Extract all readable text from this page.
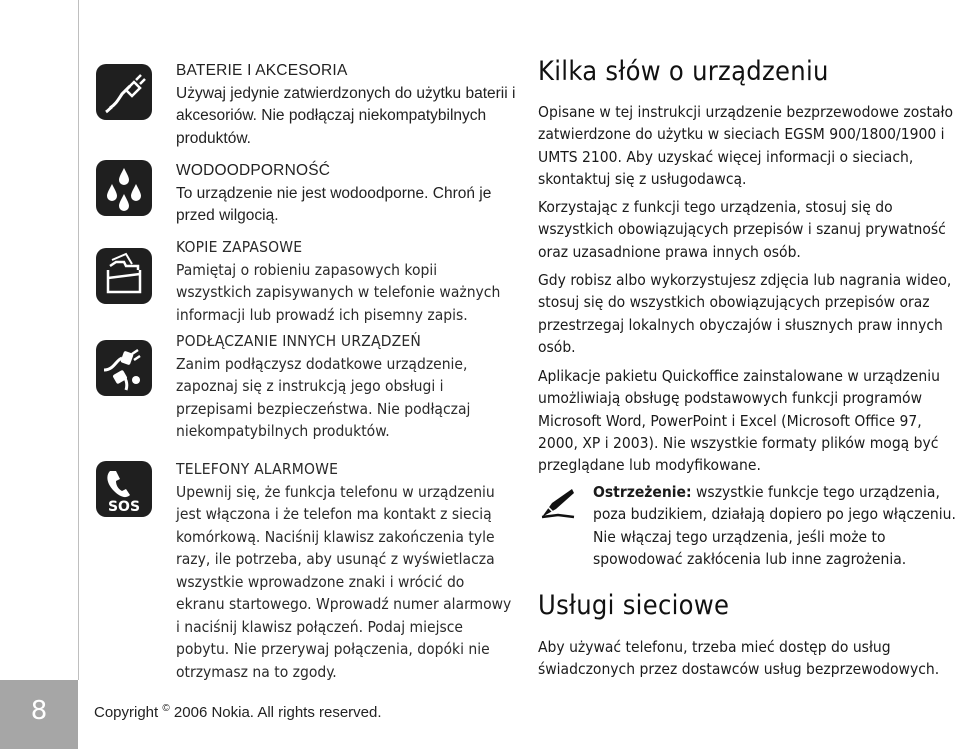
8	Copyright © 2006 Nokia. All rights reserved.
SOS

BATERIE I AKCESORIA

Używaj jedynie zatwierdzonych do użytku baterii i akcesoriów. Nie podłączaj niekompatybilnych produktów.

WODOODPORNOŚĆ

To urządzenie nie jest wodoodporne. Chroń je przed wilgocią.

KOPIE ZAPASOWE

Pamiętaj o robieniu zapasowych kopii wszystkich zapisywanych w telefonie ważnych informacji lub prowadź ich pisemny zapis.

PODŁĄCZANIE INNYCH URZĄDZEŃ

Zanim podłączysz dodatkowe urządzenie, zapoznaj się z instrukcją jego obsługi i przepisami bezpieczeństwa. Nie podłączaj niekompatybilnych produktów.

TELEFONY ALARMOWE

Upewnij się, że funkcja telefonu w urządzeniu jest włączona i że telefon ma kontakt z siecią komórkową. Naciśnij klawisz zakończenia tyle razy, ile potrzeba, aby usunąć z wyświetlacza wszystkie wprowadzone znaki i wrócić do ekranu startowego. Wprowadź numer alarmowy i naciśnij klawisz połączeń. Podaj miejsce pobytu. Nie przerywaj połączenia, dopóki nie otrzymasz na to zgody.

Kilka słów o urządzeniu

Opisane w tej instrukcji urządzenie bezprzewodowe zostało zatwierdzone do użytku w sieciach EGSM 900/1800/1900 i UMTS 2100. Aby uzyskać więcej informacji o sieciach, skontaktuj się z usługodawcą.

Korzystając z funkcji tego urządzenia, stosuj się do wszystkich obowiązujących przepisów i szanuj prywatność oraz uzasadnione prawa innych osób.

Gdy robisz albo wykorzystujesz zdjęcia lub nagrania wideo, stosuj się do wszystkich obowiązujących przepisów oraz przestrzegaj lokalnych obyczajów i słusznych praw innych osób.

Aplikacje pakietu Quickoffice zainstalowane w urządzeniu umożliwiają obsługę podstawowych funkcji programów Microsoft Word, PowerPoint i Excel (Microsoft Office 97, 2000, XP i 2003). Nie wszystkie formaty plików mogą być przeglądane lub modyfikowane.

Ostrzeżenie: wszystkie funkcje tego urządzenia, poza budzikiem, działają dopiero po jego włączeniu. Nie włączaj tego urządzenia, jeśli może to spowodować zakłócenia lub inne zagrożenia.
Usługi sieciowe

Aby używać telefonu, trzeba mieć dostęp do usług świadczonych przez dostawców usług bezprzewodowych.
